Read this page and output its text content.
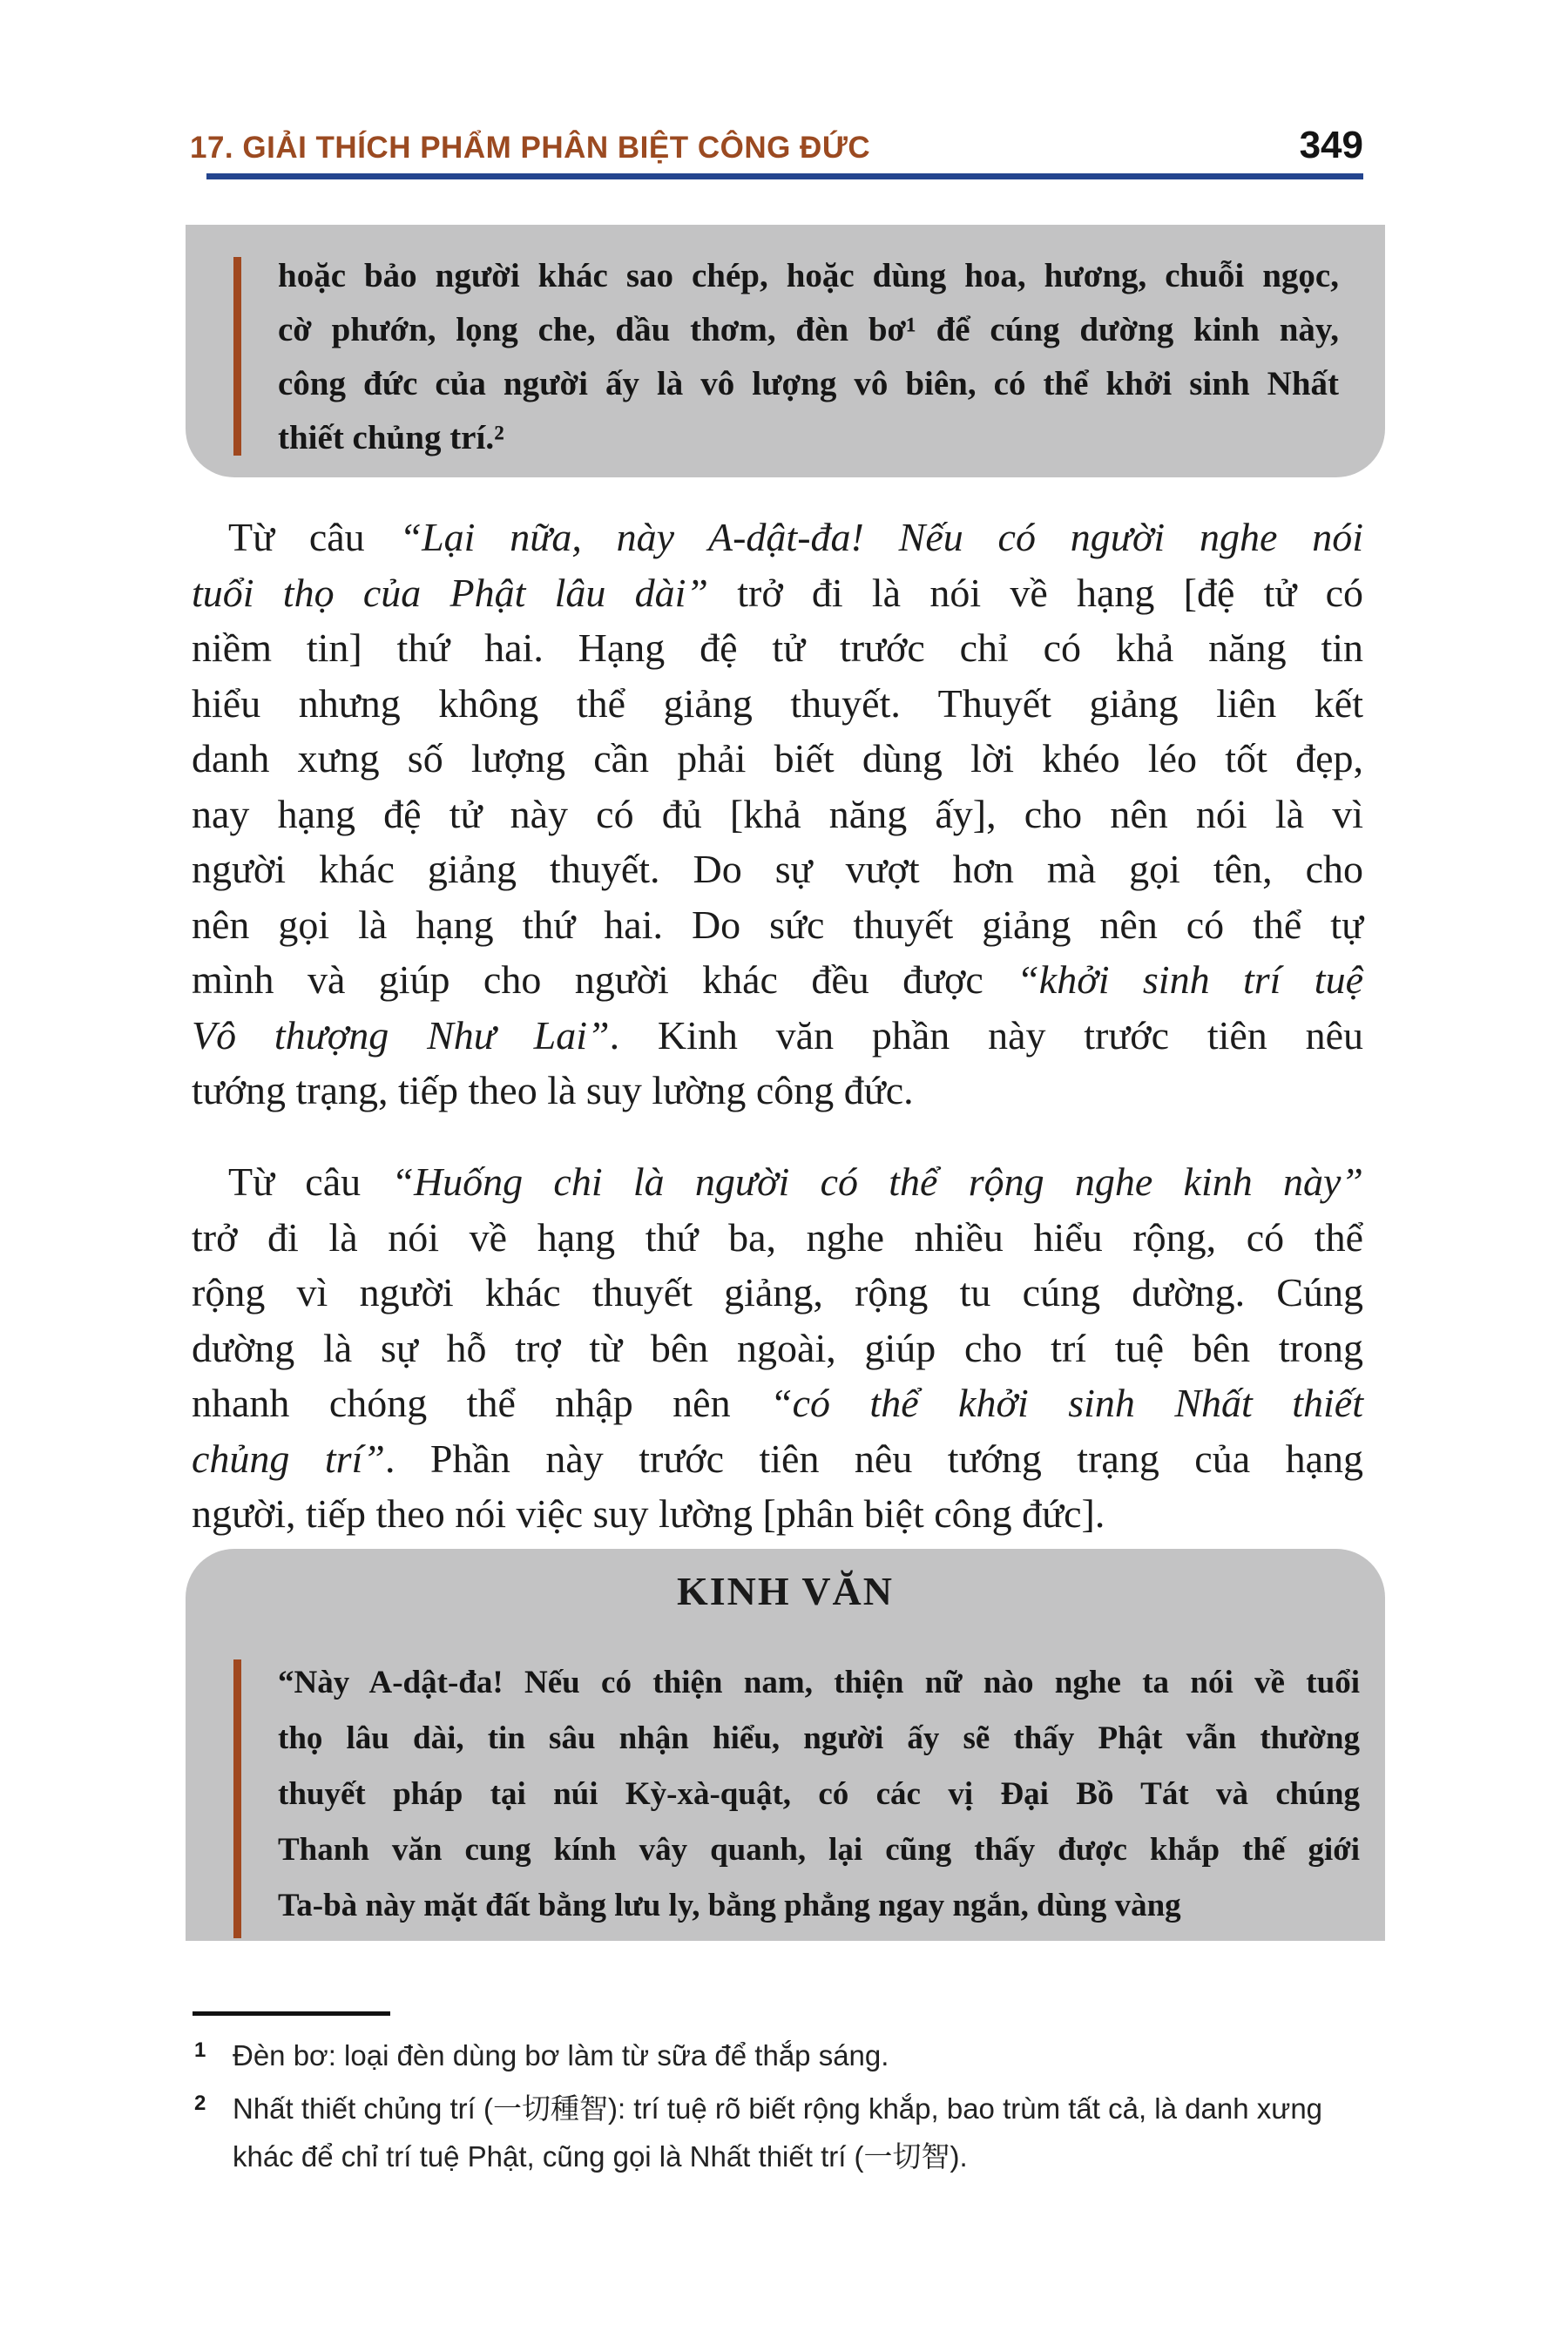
17. GIẢI THÍCH PHẨM PHÂN BIỆT CÔNG ĐỨC	349
hoặc bảo người khác sao chép, hoặc dùng hoa, hương, chuỗi ngọc,
cờ phướn, lọng che, dầu thơm, đèn bơ¹ để cúng dường kinh này,
công đức của người ấy là vô lượng vô biên, có thể khởi sinh Nhất
thiết chủng trí.²
Từ câu “Lại nữa, này A-dật-đa! Nếu có người nghe nói
tuổi thọ của Phật lâu dài” trở đi là nói về hạng [đệ tử có
niềm tin] thứ hai. Hạng đệ tử trước chỉ có khả năng tin
hiểu nhưng không thể giảng thuyết. Thuyết giảng liên kết
danh xưng số lượng cần phải biết dùng lời khéo léo tốt đẹp,
nay hạng đệ tử này có đủ [khả năng ấy], cho nên nói là vì
người khác giảng thuyết. Do sự vượt hơn mà gọi tên, cho
nên gọi là hạng thứ hai. Do sức thuyết giảng nên có thể tự
mình và giúp cho người khác đều được “khởi sinh trí tuệ
Vô thượng Như Lai”. Kinh văn phần này trước tiên nêu
tướng trạng, tiếp theo là suy lường công đức.
Từ câu “Huống chi là người có thể rộng nghe kinh này”
trở đi là nói về hạng thứ ba, nghe nhiều hiểu rộng, có thể
rộng vì người khác thuyết giảng, rộng tu cúng dường. Cúng
dường là sự hỗ trợ từ bên ngoài, giúp cho trí tuệ bên trong
nhanh chóng thể nhập nên “có thể khởi sinh Nhất thiết
chủng trí”. Phần này trước tiên nêu tướng trạng của hạng
người, tiếp theo nói việc suy lường [phân biệt công đức].
KINH VĂN
“Này A-dật-đa! Nếu có thiện nam, thiện nữ nào nghe ta nói về tuổi
thọ lâu dài, tin sâu nhận hiểu, người ấy sẽ thấy Phật vẫn thường
thuyết pháp tại núi Kỳ-xà-quật, có các vị Đại Bồ Tát và chúng
Thanh văn cung kính vây quanh, lại cũng thấy được khắp thế giới
Ta-bà này mặt đất bằng lưu ly, bằng phẳng ngay ngắn, dùng vàng
1 Đèn bơ: loại đèn dùng bơ làm từ sữa để thắp sáng.
2 Nhất thiết chủng trí (一切種智): trí tuệ rõ biết rộng khắp, bao trùm tất cả, là danh xưng khác để chỉ trí tuệ Phật, cũng gọi là Nhất thiết trí (一切智).
